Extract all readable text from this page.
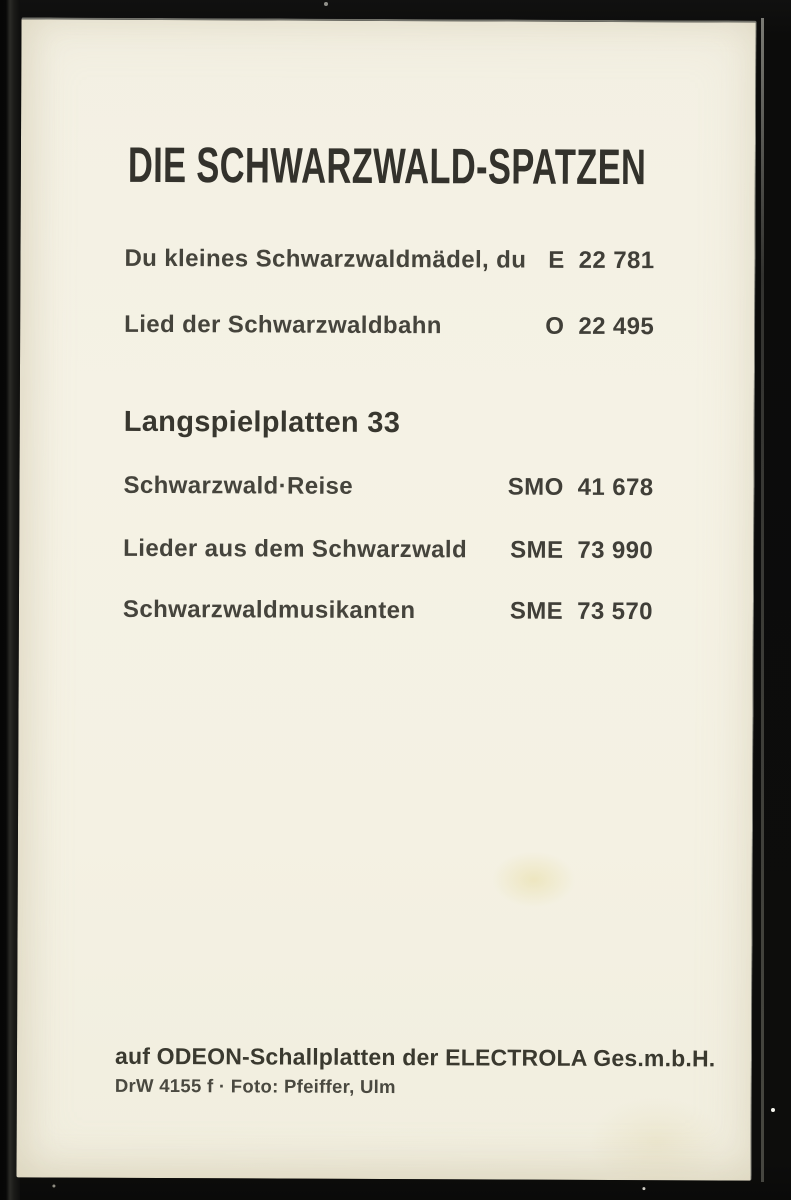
DIE SCHWARZWALD-SPATZEN
Du kleines Schwarzwaldmädel, du E 22 781
Lied der Schwarzwaldbahn	O 22 495
Langspielplatten 33
Schwarzwald·Reise	SMO 41 678
Lieder aus dem Schwarzwald SME 73 990
Schwarzwaldmusikanten	SME 73 570
auf ODEON-Schallplatten der ELECTROLA Ges.m.b.H.
DrW 4155 f · Foto: Pfeiffer, Ulm
